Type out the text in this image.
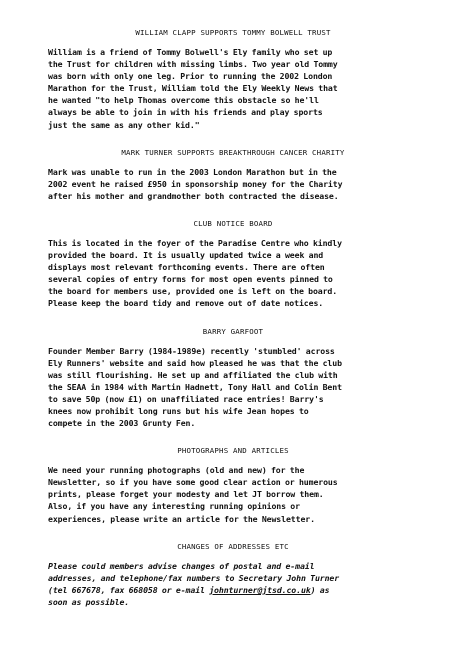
WILLIAM CLAPP SUPPORTS TOMMY BOLWELL TRUST
William is a friend of Tommy Bolwell's Ely family who set up
the Trust for children with missing limbs. Two year old Tommy
was born with only one leg. Prior to running the 2002 London
Marathon for the Trust, William told the Ely Weekly News that
he wanted "to help Thomas overcome this obstacle so he'll
always be able to join in with his friends and play sports
just the same as any other kid."
MARK TURNER SUPPORTS BREAKTHROUGH CANCER CHARITY
Mark was unable to run in the 2003 London Marathon but in the
2002 event he raised £950 in sponsorship money for the Charity
after his mother and grandmother both contracted the disease.
CLUB NOTICE BOARD
This is located in the foyer of the Paradise Centre who kindly
provided the board. It is usually updated twice a week and
displays most relevant forthcoming events. There are often
several copies of entry forms for most open events pinned to
the board for members use, provided one is left on the board.
Please keep the board tidy and remove out of date notices.
BARRY GARFOOT
Founder Member Barry (1984-1989e) recently 'stumbled' across
Ely Runners' website and said how pleased he was that the club
was still flourishing. He set up and affiliated the club with
the SEAA in 1984 with Martin Hadnett, Tony Hall and Colin Bent
to save 50p (now £1) on unaffiliated race entries! Barry's
knees now prohibit long runs but his wife Jean hopes to
compete in the 2003 Grunty Fen.
PHOTOGRAPHS AND ARTICLES
We need your running photographs (old and new) for the
Newsletter, so if you have some good clear action or humerous
prints, please forget your modesty and let JT borrow them.
Also, if you have any interesting running opinions or
experiences, please write an article for the Newsletter.
CHANGES OF ADDRESSES ETC
Please could members advise changes of postal and e-mail
addresses, and telephone/fax numbers to Secretary John Turner
(tel 667678, fax 668058 or e-mail johnturner@jtsd.co.uk) as
soon as possible.
